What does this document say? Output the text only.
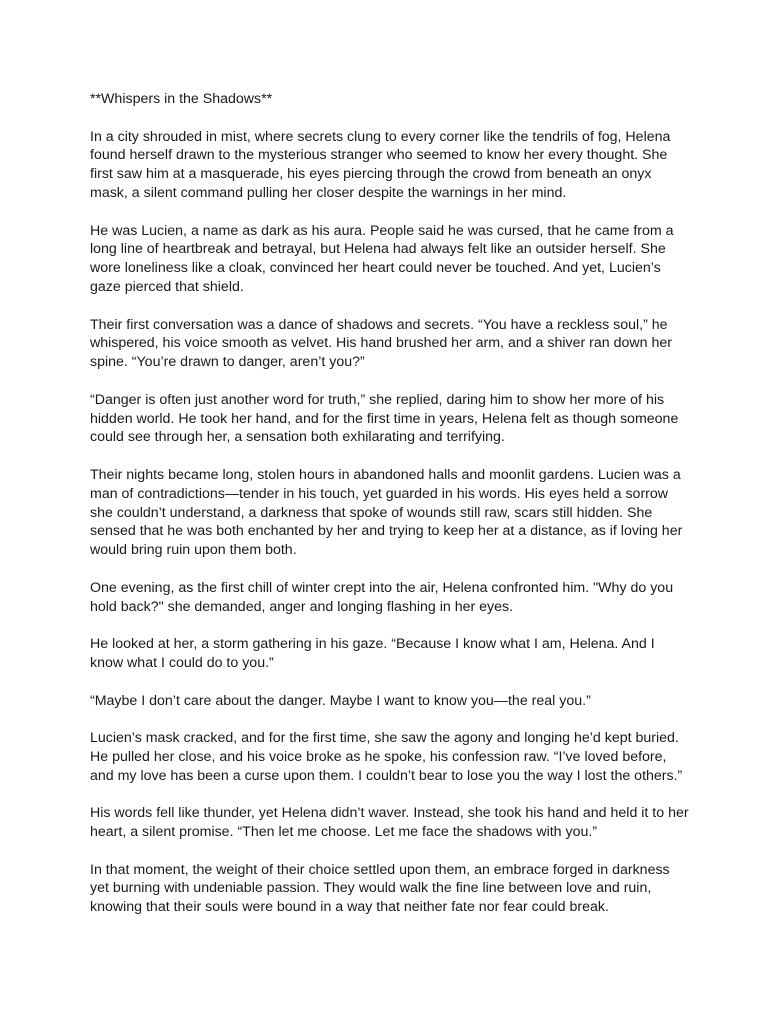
**Whispers in the Shadows**

In a city shrouded in mist, where secrets clung to every corner like the tendrils of fog, Helena found herself drawn to the mysterious stranger who seemed to know her every thought. She first saw him at a masquerade, his eyes piercing through the crowd from beneath an onyx mask, a silent command pulling her closer despite the warnings in her mind.

He was Lucien, a name as dark as his aura. People said he was cursed, that he came from a long line of heartbreak and betrayal, but Helena had always felt like an outsider herself. She wore loneliness like a cloak, convinced her heart could never be touched. And yet, Lucien’s gaze pierced that shield.

Their first conversation was a dance of shadows and secrets. “You have a reckless soul,” he whispered, his voice smooth as velvet. His hand brushed her arm, and a shiver ran down her spine. “You’re drawn to danger, aren’t you?”

“Danger is often just another word for truth,” she replied, daring him to show her more of his hidden world. He took her hand, and for the first time in years, Helena felt as though someone could see through her, a sensation both exhilarating and terrifying.

Their nights became long, stolen hours in abandoned halls and moonlit gardens. Lucien was a man of contradictions—tender in his touch, yet guarded in his words. His eyes held a sorrow she couldn’t understand, a darkness that spoke of wounds still raw, scars still hidden. She sensed that he was both enchanted by her and trying to keep her at a distance, as if loving her would bring ruin upon them both.

One evening, as the first chill of winter crept into the air, Helena confronted him. "Why do you hold back?" she demanded, anger and longing flashing in her eyes.

He looked at her, a storm gathering in his gaze. “Because I know what I am, Helena. And I know what I could do to you.”

“Maybe I don’t care about the danger. Maybe I want to know you—the real you.”

Lucien’s mask cracked, and for the first time, she saw the agony and longing he’d kept buried. He pulled her close, and his voice broke as he spoke, his confession raw. “I’ve loved before, and my love has been a curse upon them. I couldn’t bear to lose you the way I lost the others.”

His words fell like thunder, yet Helena didn’t waver. Instead, she took his hand and held it to her heart, a silent promise. “Then let me choose. Let me face the shadows with you.”

In that moment, the weight of their choice settled upon them, an embrace forged in darkness yet burning with undeniable passion. They would walk the fine line between love and ruin, knowing that their souls were bound in a way that neither fate nor fear could break.
